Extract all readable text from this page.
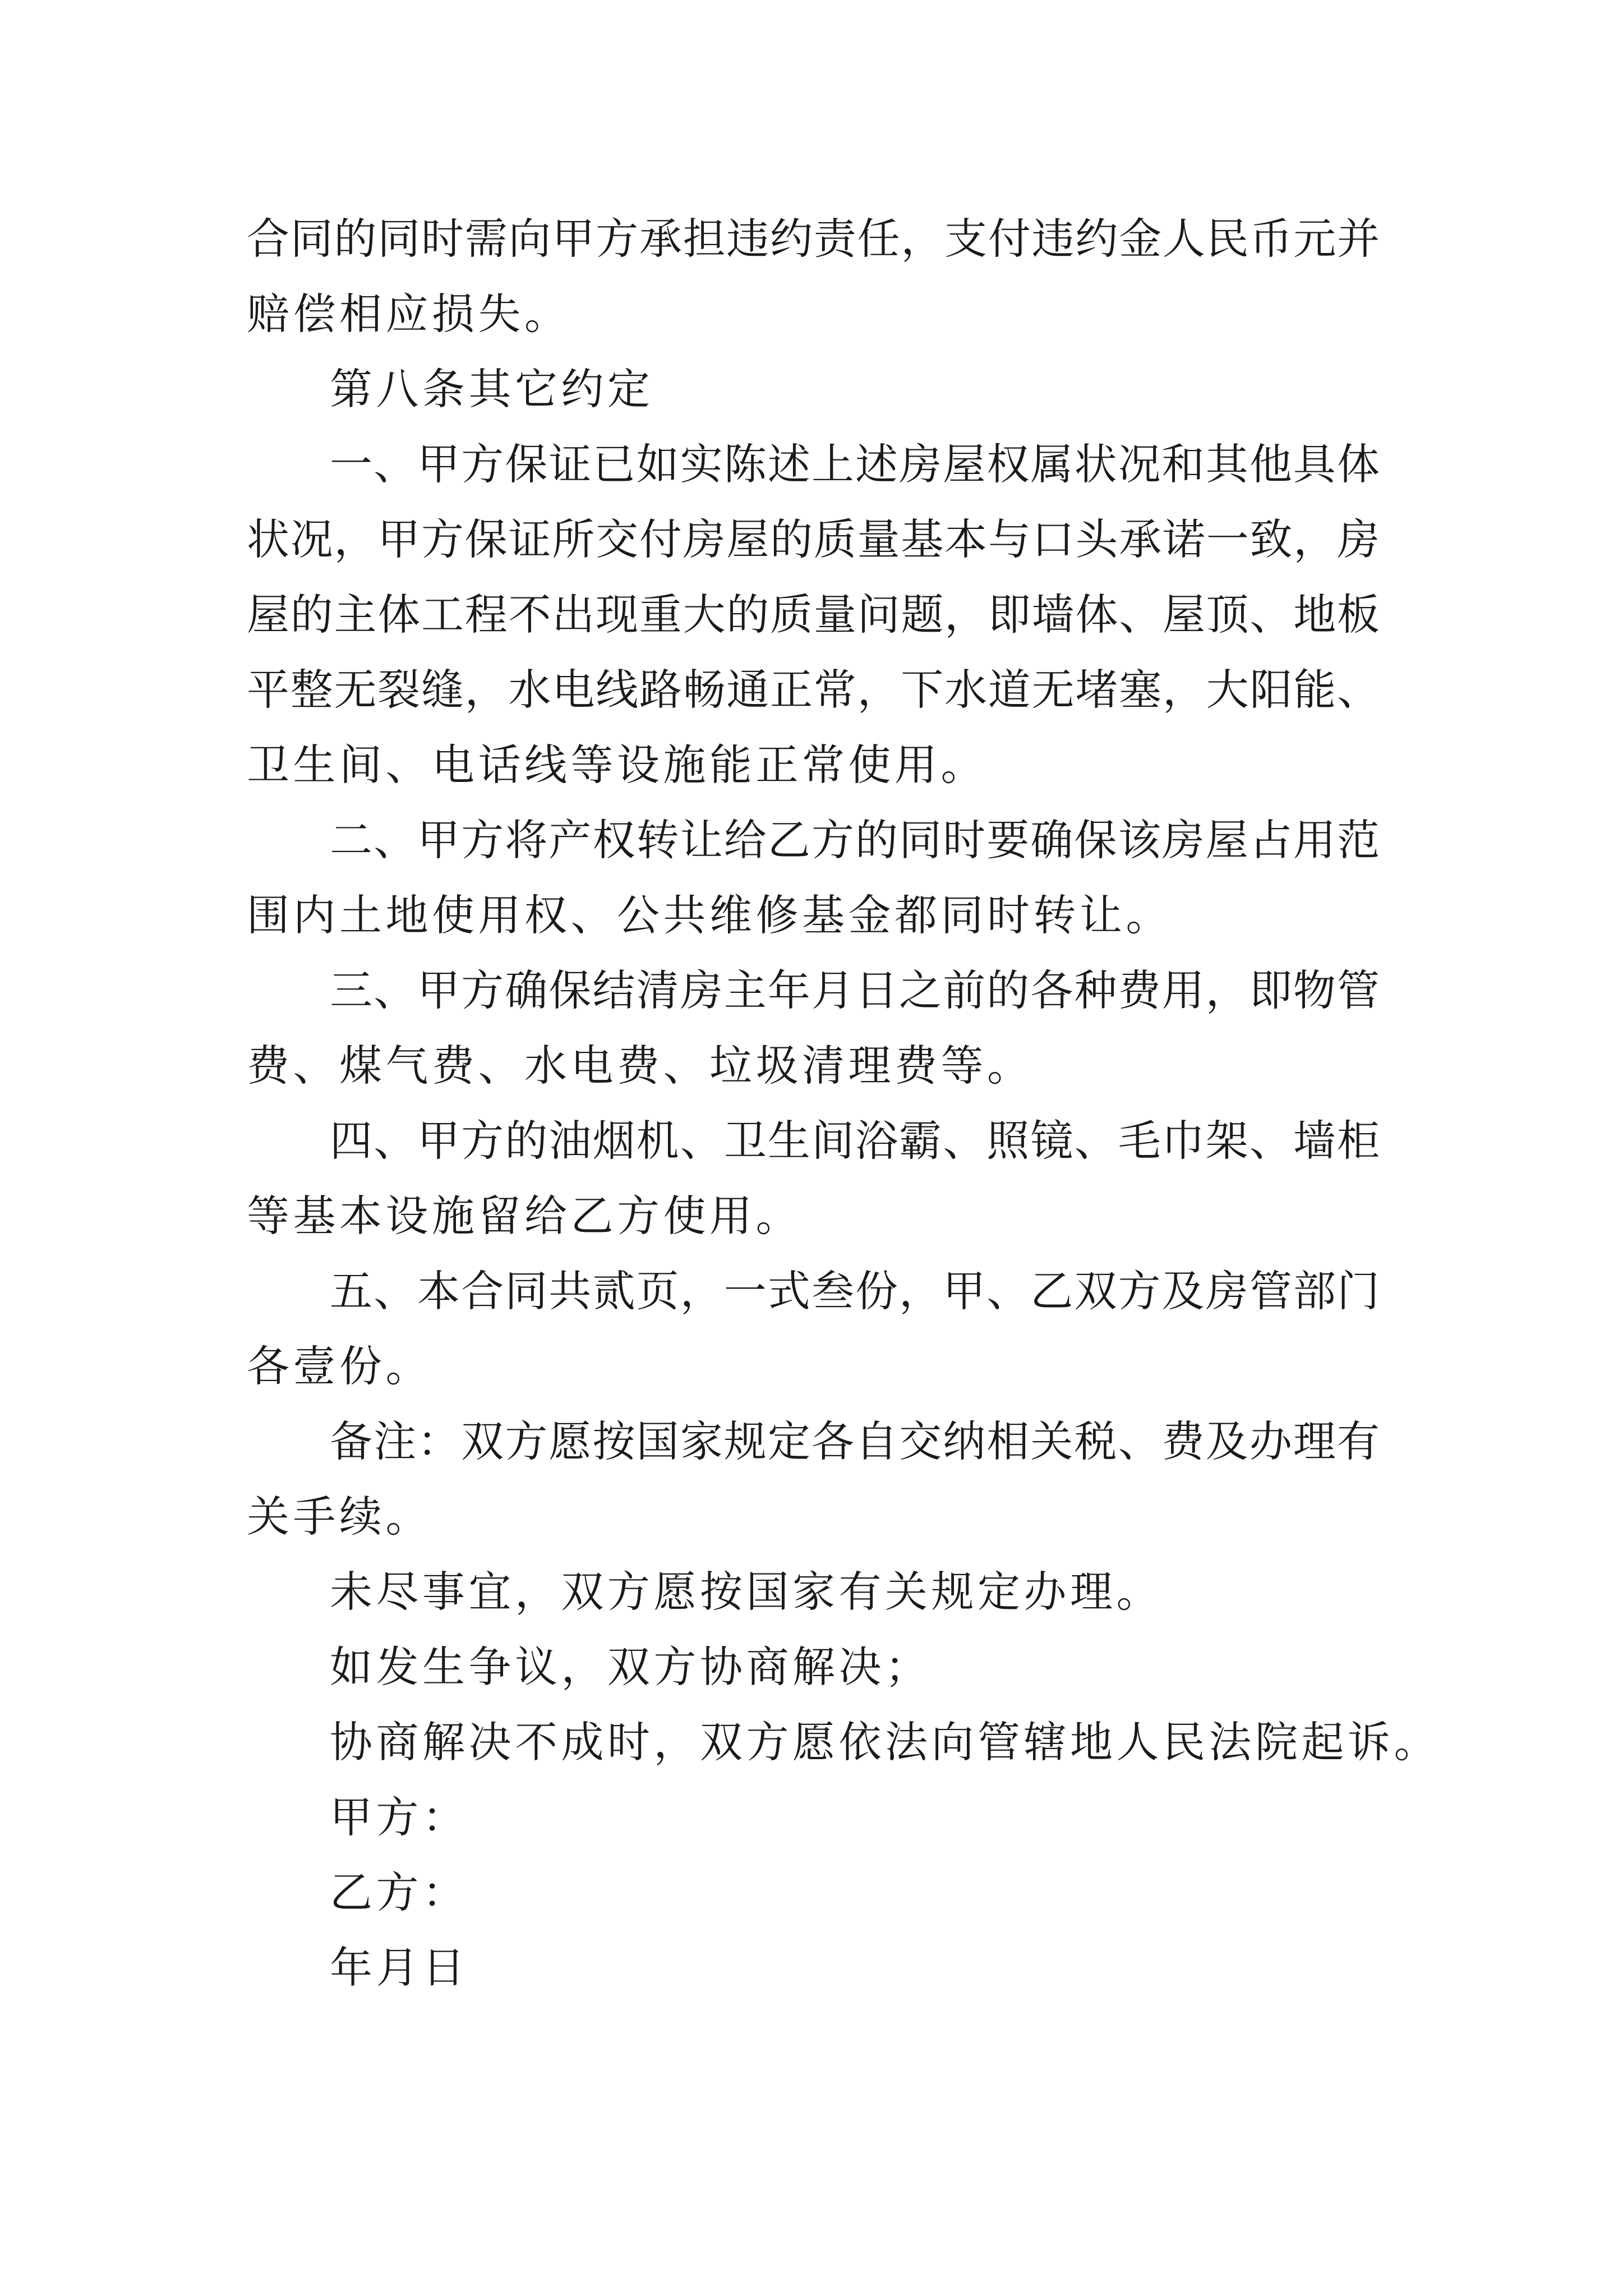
合同的同时需向甲方承担违约责任，支付违约金人民币元并
赔偿相应损失。
第八条其它约定
一、甲方保证已如实陈述上述房屋权属状况和其他具体
状况，甲方保证所交付房屋的质量基本与口头承诺一致，房
屋的主体工程不出现重大的质量问题，即墙体、屋顶、地板
平整无裂缝，水电线路畅通正常，下水道无堵塞，大阳能、
卫生间、电话线等设施能正常使用。
二、甲方将产权转让给乙方的同时要确保该房屋占用范
围内土地使用权、公共维修基金都同时转让。
三、甲方确保结清房主年月日之前的各种费用，即物管
费、煤气费、水电费、垃圾清理费等。
四、甲方的油烟机、卫生间浴霸、照镜、毛巾架、墙柜
等基本设施留给乙方使用。
五、本合同共贰页，一式叁份，甲、乙双方及房管部门
各壹份。
备注：双方愿按国家规定各自交纳相关税、费及办理有
关手续。
未尽事宜，双方愿按国家有关规定办理。
如发生争议，双方协商解决；
协商解决不成时，双方愿依法向管辖地人民法院起诉。
甲方：
乙方：
年月日
